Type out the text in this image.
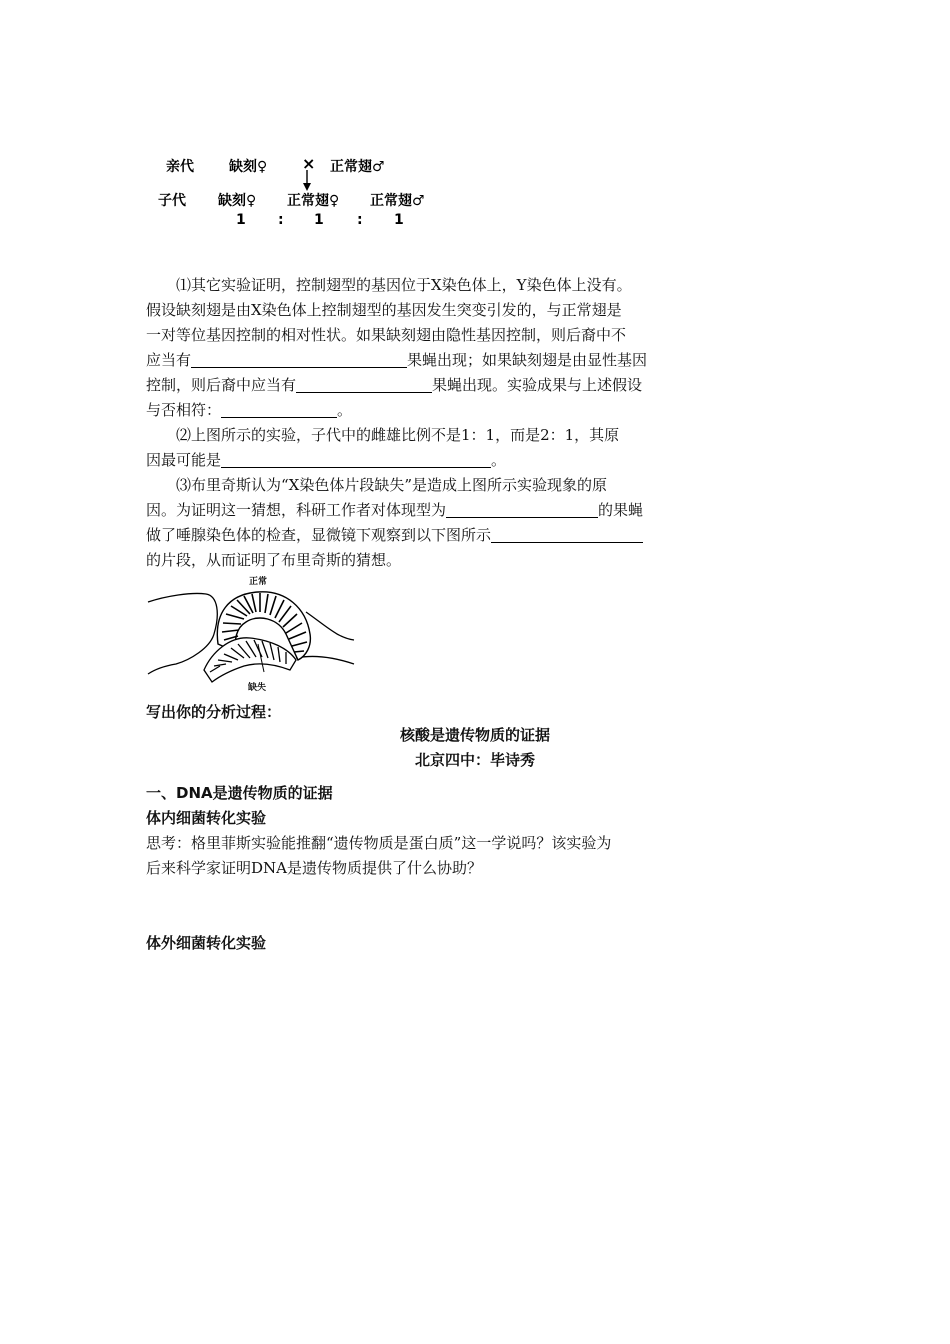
亲代	缺刻♀ × 正常翅♂
子代 缺刻♀ 正常翅♀ 正常翅♂
1 : 1 : 1
⑴其它实验证明，控制翅型的基因位于X染色体上，Y染色体上没有。
假设缺刻翅是由X染色体上控制翅型的基因发生突变引发的，与正常翅是
一对等位基因控制的相对性状。如果缺刻翅由隐性基因控制，则后裔中不
应当有	果蝇出现；如果缺刻翅是由显性基因
控制，则后裔中应当有	果蝇出现。实验成果与上述假设
与否相符：	。
⑵上图所示的实验，子代中的雌雄比例不是1：1，而是2：1，其原
因最可能是	。
⑶布里奇斯认为“X染色体片段缺失”是造成上图所示实验现象的原
因。为证明这一猜想，科研工作者对体现型为	的果蝇
做了唾腺染色体的检查，显微镜下观察到以下图所示
的片段，从而证明了布里奇斯的猜想。
正常
缺失
写出你的分析过程：
核酸是遗传物质的证据
北京四中：毕诗秀
一、DNA是遗传物质的证据
体内细菌转化实验
思考：格里菲斯实验能推翻“遗传物质是蛋白质”这一学说吗？该实验为
后来科学家证明DNA是遗传物质提供了什么协助？
体外细菌转化实验
